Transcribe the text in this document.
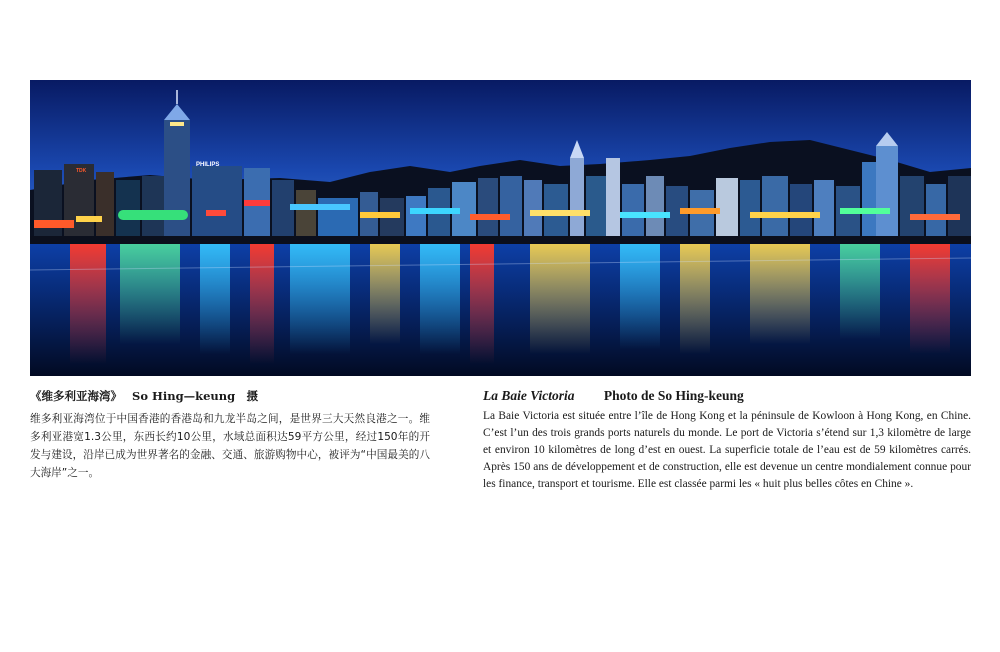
PHILIPS
TDK

《维多利亚海湾》 So Hing—keung　摄

维多利亚海湾位于中国香港的香港岛和九龙半岛之间，是世界三大天然良港之一。维多利亚港宽1.3公里，东西长约10公里，水域总面积达59平方公里，经过150年的开发与建设，沿岸已成为世界著名的金融、交通、旅游购物中心，被评为“中国最美的八大海岸”之一。

La Baie Victoria Photo de So Hing-keung

La Baie Victoria est située entre l’île de Hong Kong et la péninsule de Kowloon à Hong Kong, en Chine. C’est l’un des trois grands ports naturels du monde. Le port de Victoria s’étend sur 1,3 kilomètre de large et environ 10 kilomètres de long d’est en ouest. La superficie totale de l’eau est de 59 kilomètres carrés. Après 150 ans de développement et de construction, elle est devenue un centre mondialement connue pour les finance, transport et tourisme. Elle est classée parmi les « huit plus belles côtes en Chine ».
